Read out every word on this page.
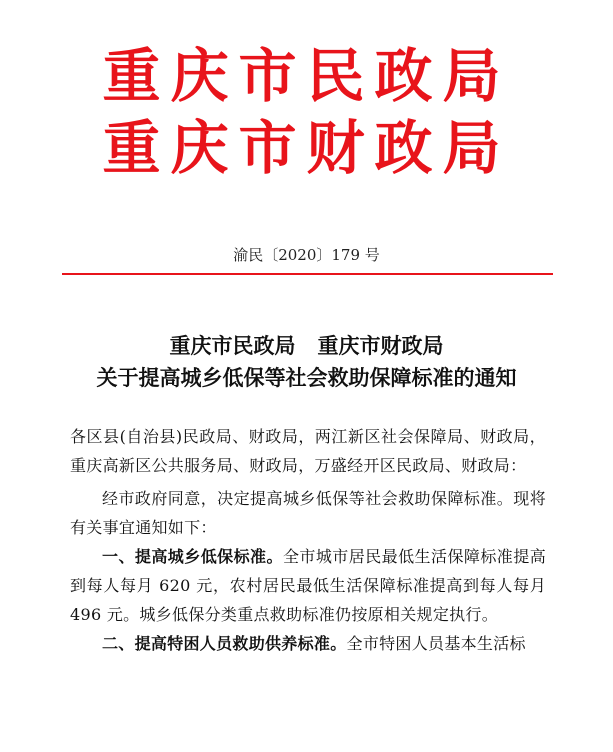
重庆市民政局
重庆市财政局
渝民〔2020〕179 号
重庆市民政局 重庆市财政局
关于提高城乡低保等社会救助保障标准的通知

各区县(自治县)民政局、财政局，两江新区社会保障局、财政局，重庆高新区公共服务局、财政局，万盛经开区民政局、财政局：

经市政府同意，决定提高城乡低保等社会救助保障标准。现将有关事宜通知如下：

一、提高城乡低保标准。全市城市居民最低生活保障标准提高到每人每月 620 元，农村居民最低生活保障标准提高到每人每月 496 元。城乡低保分类重点救助标准仍按原相关规定执行。

二、提高特困人员救助供养标准。全市特困人员基本生活标
